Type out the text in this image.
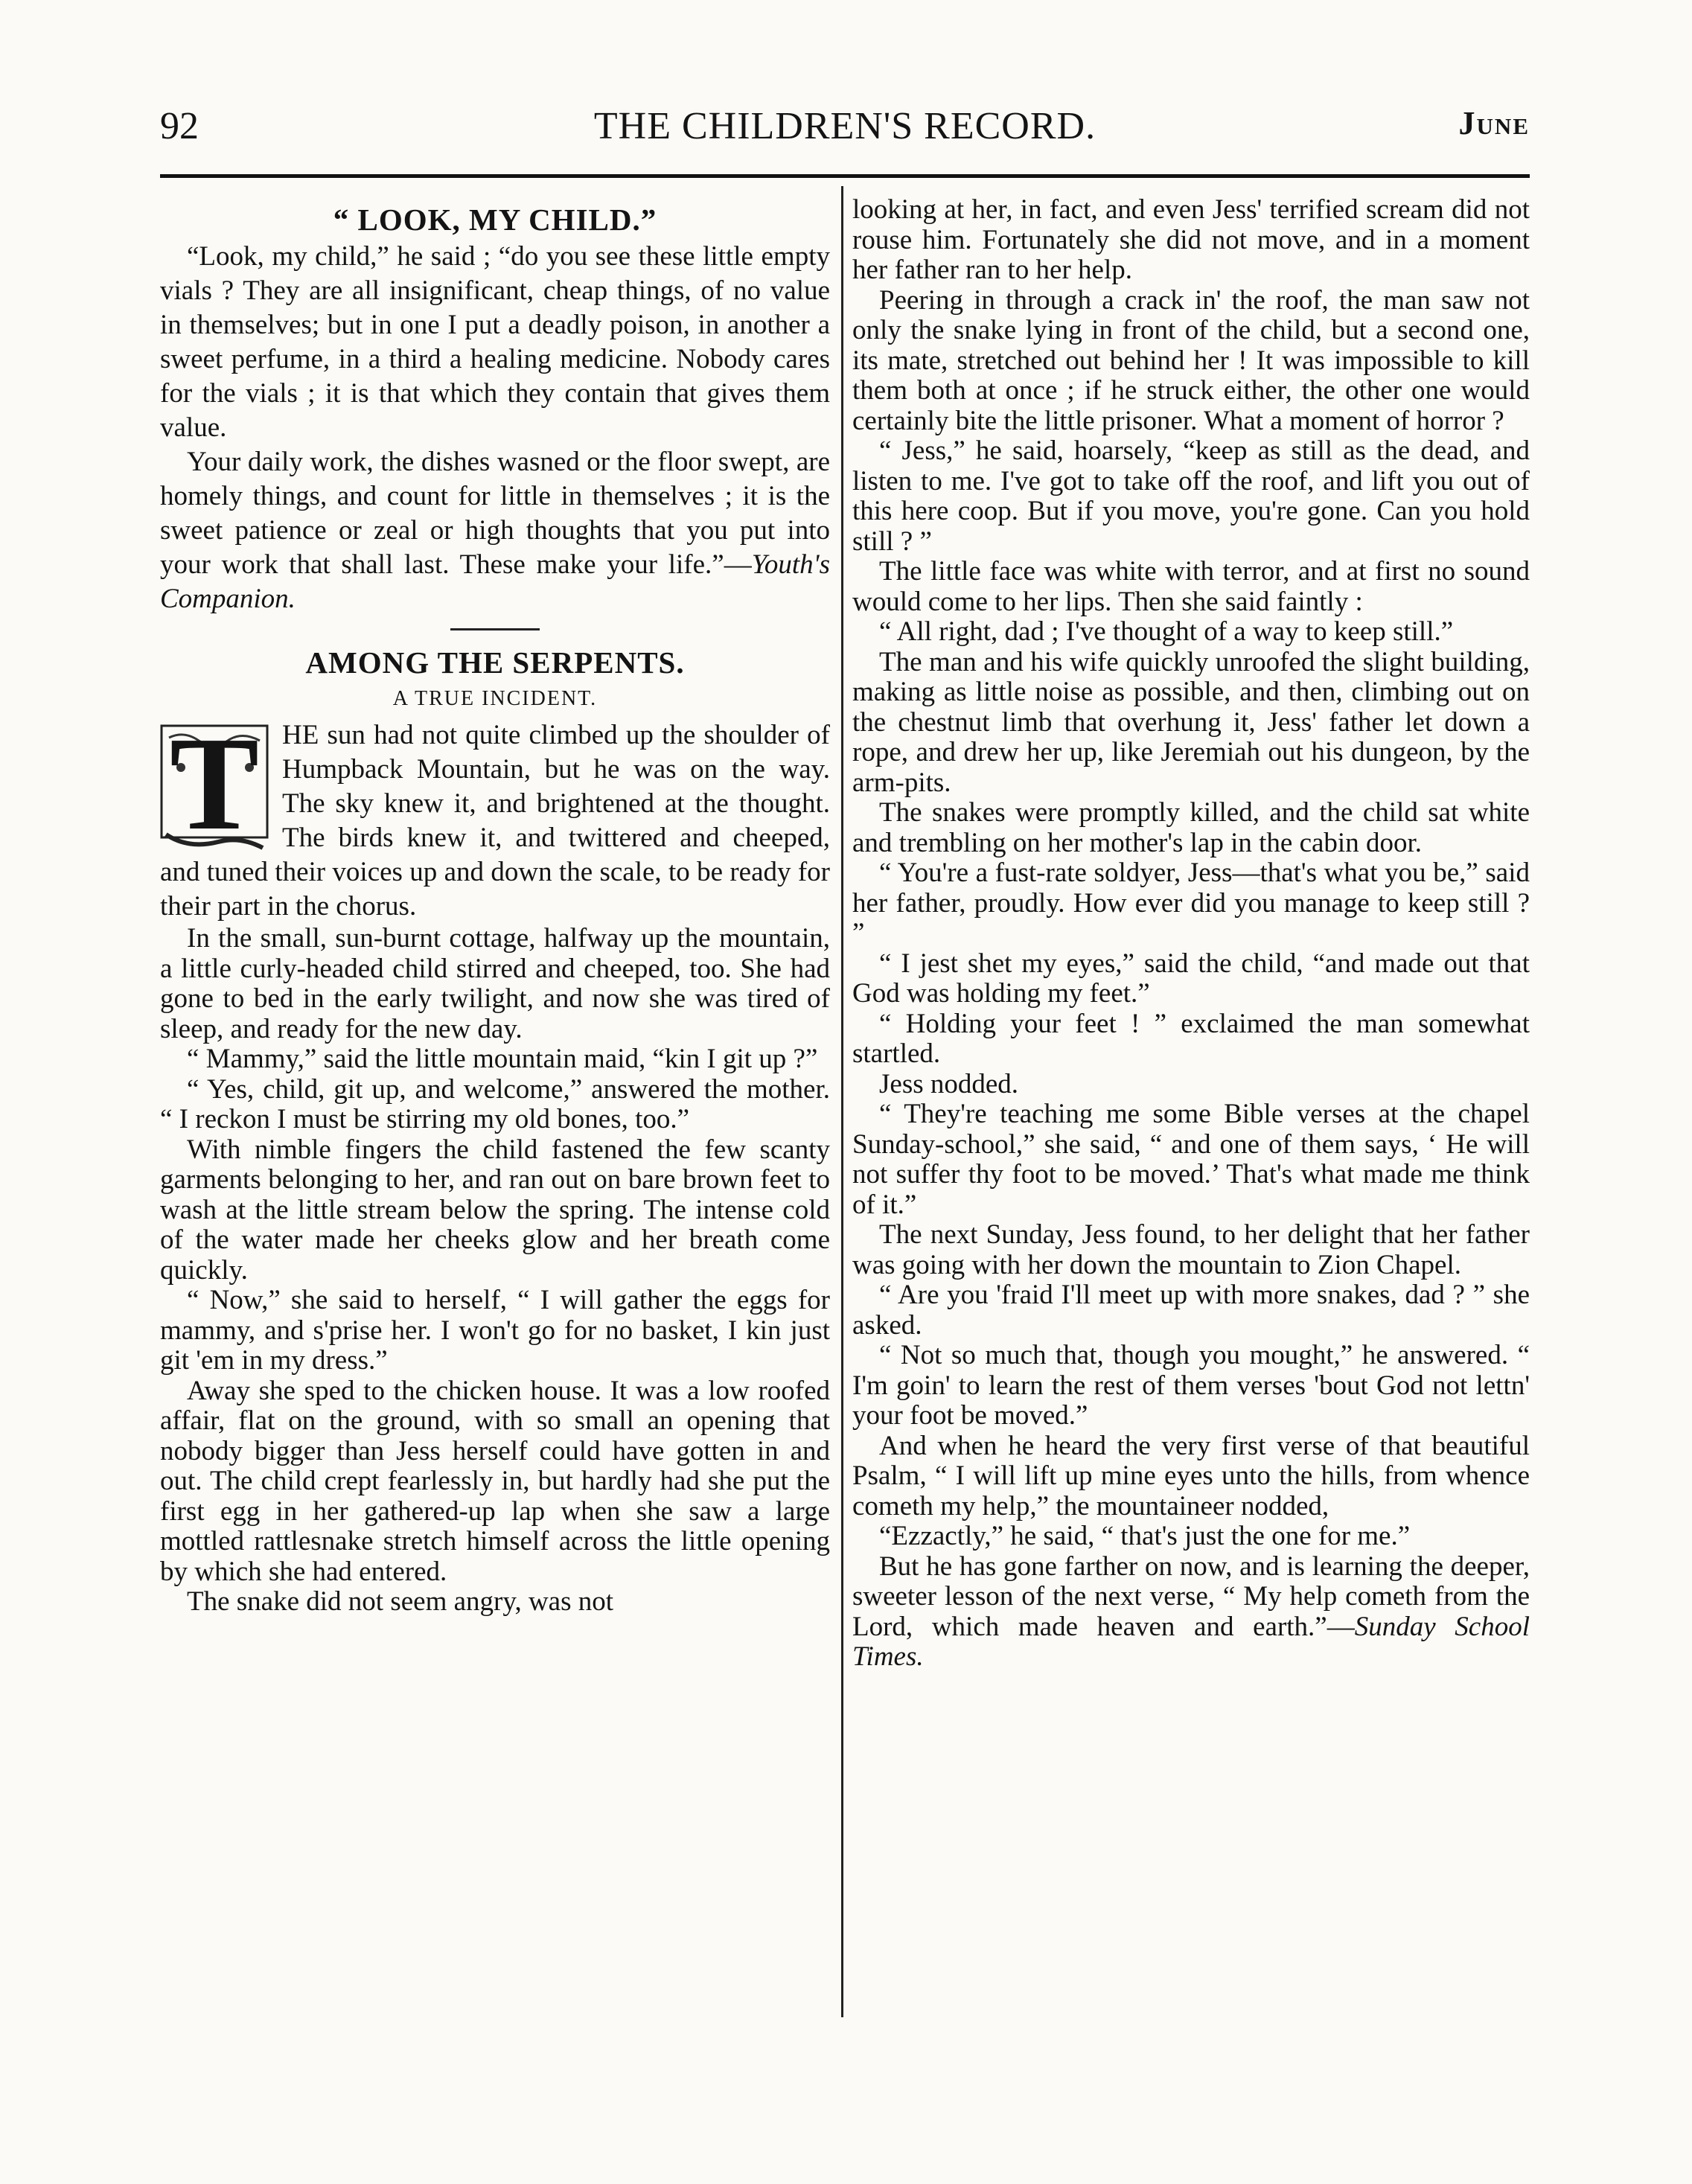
92	THE CHILDREN'S RECORD.	June
“ LOOK, MY CHILD.”

“Look, my child,” he said ; “do you see these little empty vials ? They are all insignificant, cheap things, of no value in themselves; but in one I put a deadly poison, in another a sweet perfume, in a third a healing medicine. Nobody cares for the vials ; it is that which they contain that gives them value.

Your daily work, the dishes wasned or the floor swept, are homely things, and count for little in themselves ; it is the sweet patience or zeal or high thoughts that you put into your work that shall last. These make your life.”—Youth's Companion.

AMONG THE SERPENTS.
A TRUE INCIDENT.

T HE sun had not quite climbed up the shoulder of Humpback Mountain, but he was on the way. The sky knew it, and brightened at the thought. The birds knew it, and twittered and cheeped, and tuned their voices up and down the scale, to be ready for their part in the chorus.

In the small, sun-burnt cottage, halfway up the mountain, a little curly-headed child stirred and cheeped, too. She had gone to bed in the early twilight, and now she was tired of sleep, and ready for the new day.

“ Mammy,” said the little mountain maid, “kin I git up ?”

“ Yes, child, git up, and welcome,” answered the mother. “ I reckon I must be stirring my old bones, too.”

With nimble fingers the child fastened the few scanty garments belonging to her, and ran out on bare brown feet to wash at the little stream below the spring. The intense cold of the water made her cheeks glow and her breath come quickly.

“ Now,” she said to herself, “ I will gather the eggs for mammy, and s'prise her. I won't go for no basket, I kin just git 'em in my dress.”

Away she sped to the chicken house. It was a low roofed affair, flat on the ground, with so small an opening that nobody bigger than Jess herself could have gotten in and out. The child crept fearlessly in, but hardly had she put the first egg in her gathered-up lap when she saw a large mottled rattlesnake stretch himself across the little opening by which she had entered.

The snake did not seem angry, was not

looking at her, in fact, and even Jess' terrified scream did not rouse him. Fortunately she did not move, and in a moment her father ran to her help.

Peering in through a crack in' the roof, the man saw not only the snake lying in front of the child, but a second one, its mate, stretched out behind her ! It was impossible to kill them both at once ; if he struck either, the other one would certainly bite the little prisoner. What a moment of horror ?

“ Jess,” he said, hoarsely, “keep as still as the dead, and listen to me. I've got to take off the roof, and lift you out of this here coop. But if you move, you're gone. Can you hold still ? ”

The little face was white with terror, and at first no sound would come to her lips. Then she said faintly :

“ All right, dad ; I've thought of a way to keep still.”

The man and his wife quickly unroofed the slight building, making as little noise as possible, and then, climbing out on the chestnut limb that overhung it, Jess' father let down a rope, and drew her up, like Jeremiah out his dungeon, by the arm-pits.

The snakes were promptly killed, and the child sat white and trembling on her mother's lap in the cabin door.

“ You're a fust-rate soldyer, Jess—that's what you be,” said her father, proudly. How ever did you manage to keep still ? ”

“ I jest shet my eyes,” said the child, “and made out that God was holding my feet.”

“ Holding your feet ! ” exclaimed the man somewhat startled.

Jess nodded.

“ They're teaching me some Bible verses at the chapel Sunday-school,” she said, “ and one of them says, ‘ He will not suffer thy foot to be moved.’ That's what made me think of it.”

The next Sunday, Jess found, to her delight that her father was going with her down the mountain to Zion Chapel.

“ Are you 'fraid I'll meet up with more snakes, dad ? ” she asked.

“ Not so much that, though you mought,” he answered. “ I'm goin' to learn the rest of them verses 'bout God not lettn' your foot be moved.”

And when he heard the very first verse of that beautiful Psalm, “ I will lift up mine eyes unto the hills, from whence cometh my help,” the mountaineer nodded,

“Ezzactly,” he said, “ that's just the one for me.”

But he has gone farther on now, and is learning the deeper, sweeter lesson of the next verse, “ My help cometh from the Lord, which made heaven and earth.”—Sunday School Times.
